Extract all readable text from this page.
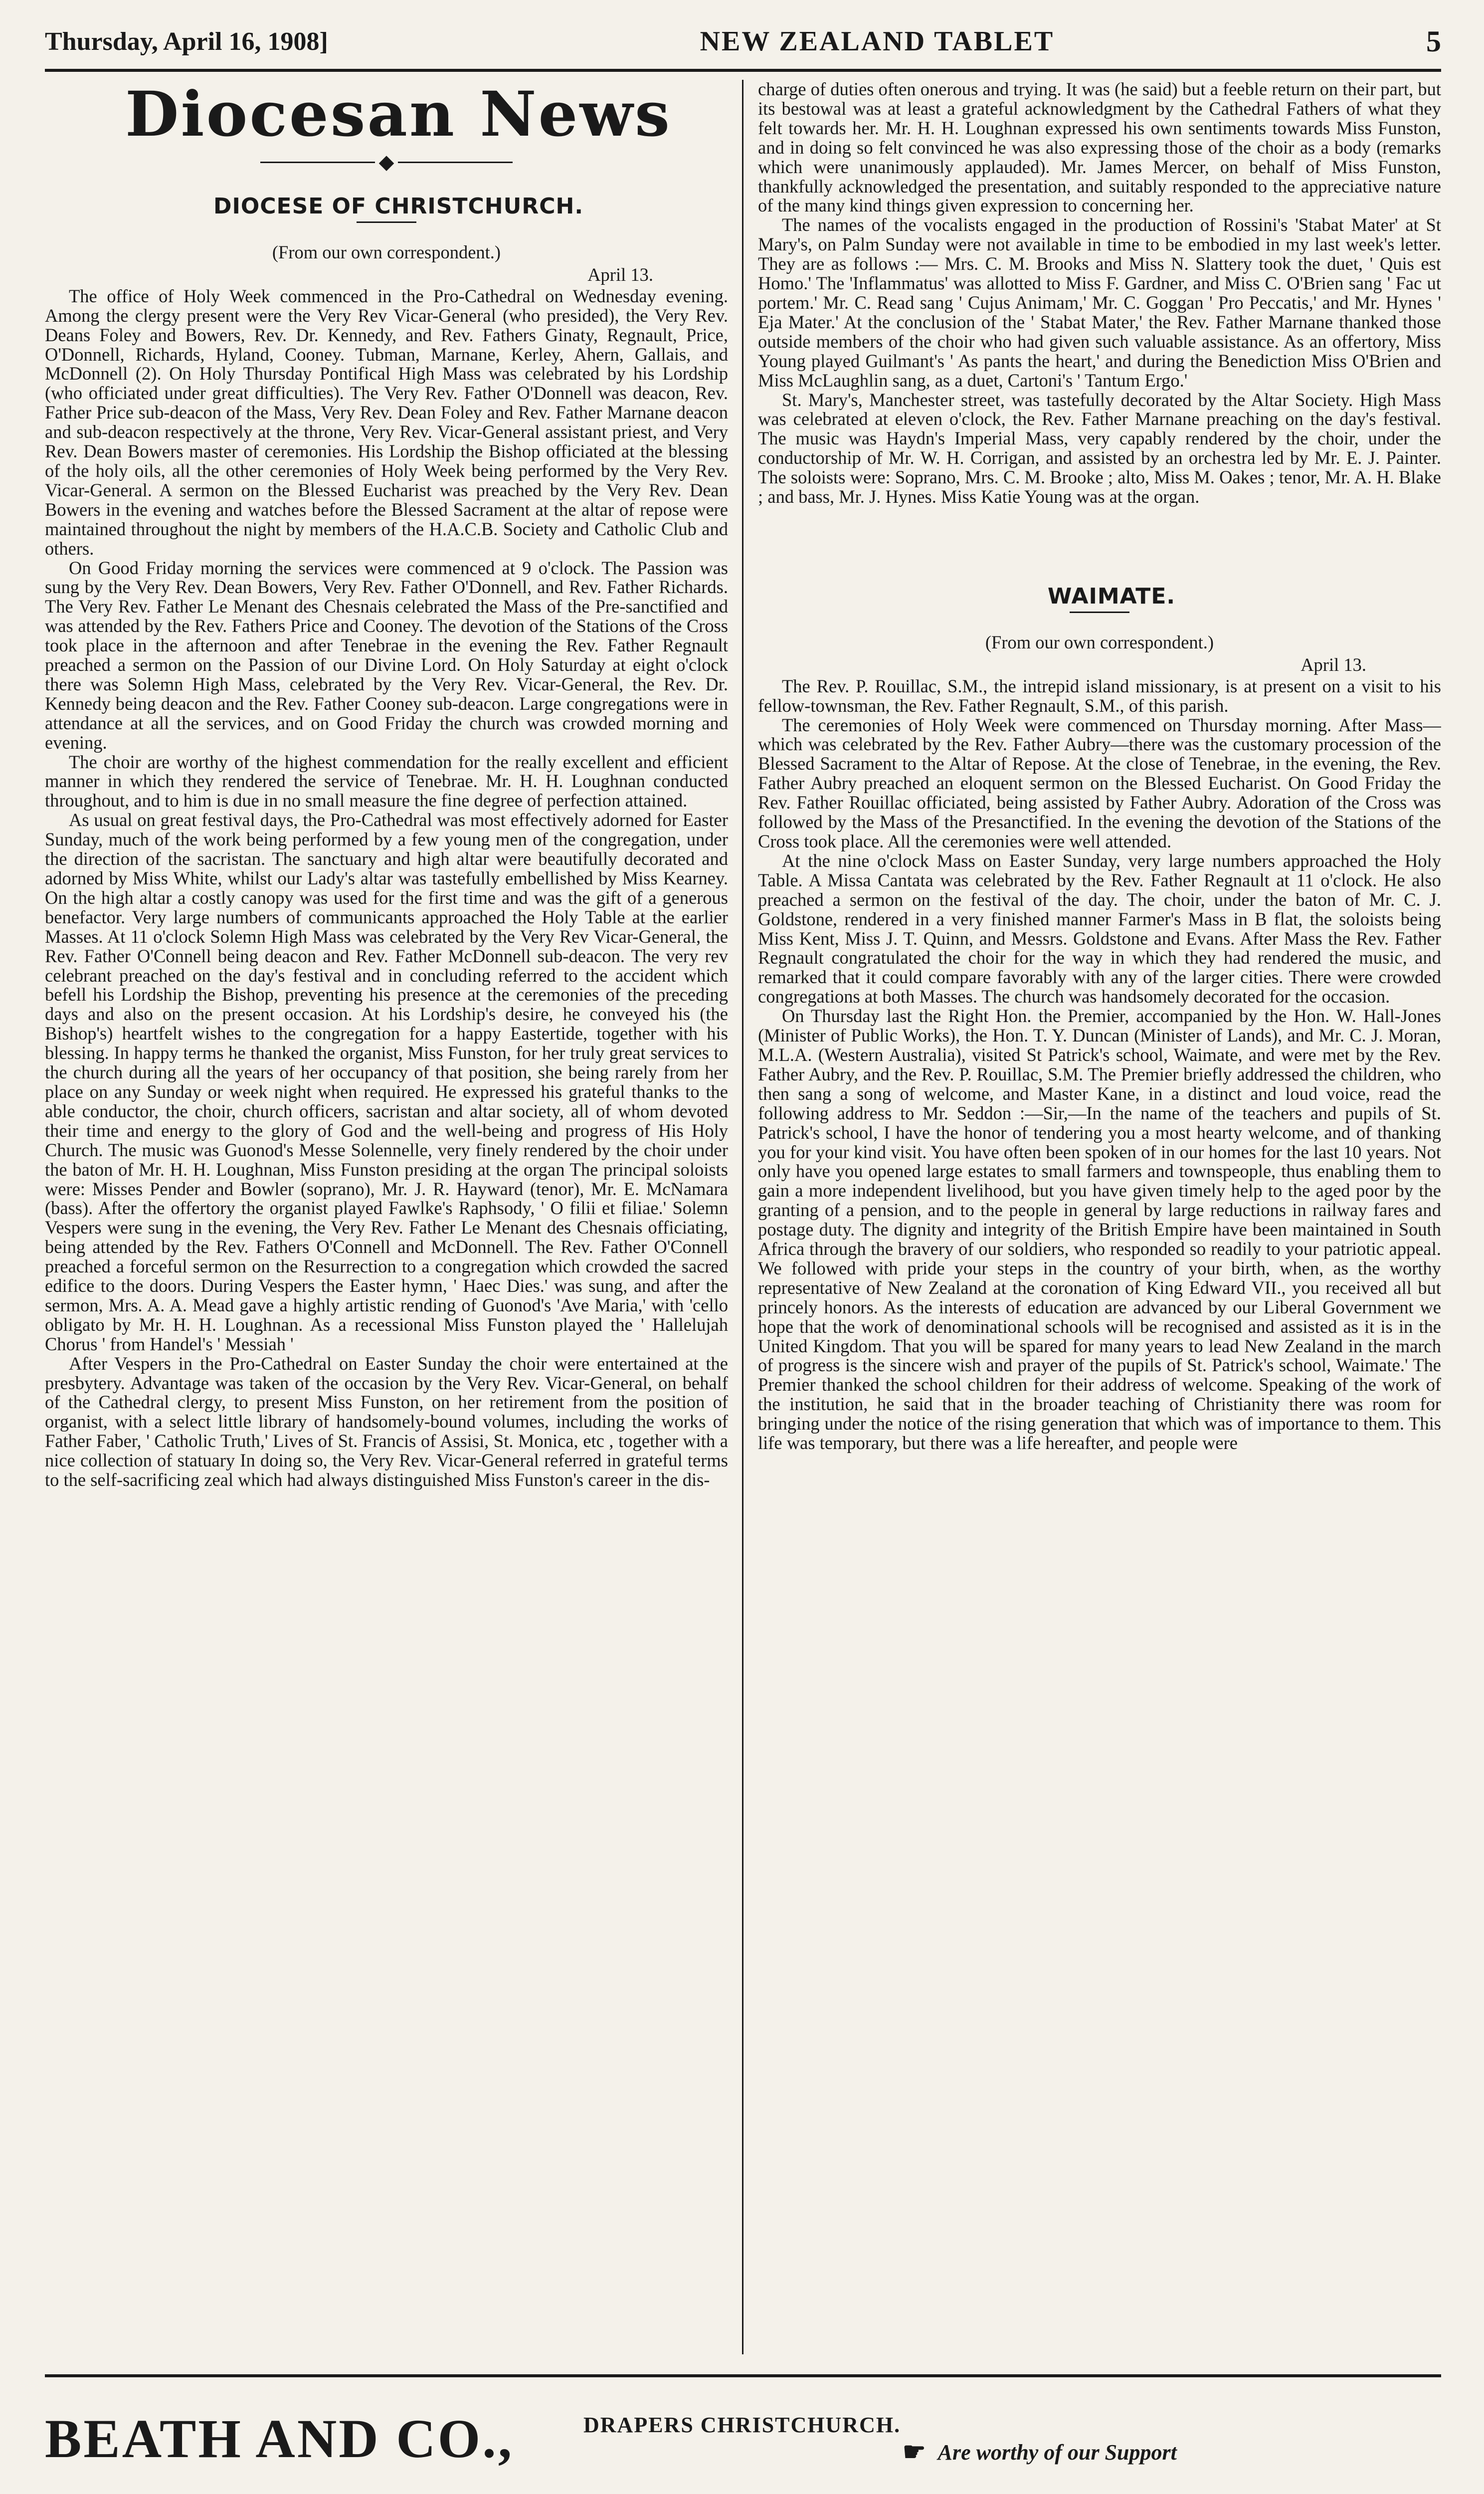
Thursday, April 16, 1908]	NEW ZEALAND TABLET	5

Diocesan News

◆

DIOCESE OF CHRISTCHURCH.

(From our own correspondent.)

April 13.

The office of Holy Week commenced in the Pro-Cathedral on Wednesday evening. Among the clergy present were the Very Rev Vicar-General (who presided), the Very Rev. Deans Foley and Bowers, Rev. Dr. Kennedy, and Rev. Fathers Ginaty, Regnault, Price, O'Donnell, Richards, Hyland, Cooney. Tubman, Marnane, Kerley, Ahern, Gallais, and McDonnell (2). On Holy Thursday Pontifical High Mass was celebrated by his Lordship (who officiated under great difficulties). The Very Rev. Father O'Donnell was deacon, Rev. Father Price sub-deacon of the Mass, Very Rev. Dean Foley and Rev. Father Marnane deacon and sub-deacon respectively at the throne, Very Rev. Vicar-General assistant priest, and Very Rev. Dean Bowers master of ceremonies. His Lordship the Bishop officiated at the blessing of the holy oils, all the other ceremonies of Holy Week being performed by the Very Rev. Vicar-General. A sermon on the Blessed Eucharist was preached by the Very Rev. Dean Bowers in the evening and watches before the Blessed Sacrament at the altar of repose were maintained throughout the night by members of the H.A.C.B. Society and Catholic Club and others.

On Good Friday morning the services were commenced at 9 o'clock. The Passion was sung by the Very Rev. Dean Bowers, Very Rev. Father O'Donnell, and Rev. Father Richards. The Very Rev. Father Le Menant des Chesnais celebrated the Mass of the Pre-sanctified and was attended by the Rev. Fathers Price and Cooney. The devotion of the Stations of the Cross took place in the afternoon and after Tenebrae in the evening the Rev. Father Regnault preached a sermon on the Passion of our Divine Lord. On Holy Saturday at eight o'clock there was Solemn High Mass, celebrated by the Very Rev. Vicar-General, the Rev. Dr. Kennedy being deacon and the Rev. Father Cooney sub-deacon. Large congregations were in attendance at all the services, and on Good Friday the church was crowded morning and evening.

The choir are worthy of the highest commendation for the really excellent and efficient manner in which they rendered the service of Tenebrae. Mr. H. H. Loughnan conducted throughout, and to him is due in no small measure the fine degree of perfection attained.

As usual on great festival days, the Pro-Cathedral was most effectively adorned for Easter Sunday, much of the work being performed by a few young men of the congregation, under the direction of the sacristan. The sanctuary and high altar were beautifully decorated and adorned by Miss White, whilst our Lady's altar was tastefully embellished by Miss Kearney. On the high altar a costly canopy was used for the first time and was the gift of a generous benefactor. Very large numbers of communicants approached the Holy Table at the earlier Masses. At 11 o'clock Solemn High Mass was celebrated by the Very Rev Vicar-General, the Rev. Father O'Connell being deacon and Rev. Father McDonnell sub-deacon. The very rev celebrant preached on the day's festival and in concluding referred to the accident which befell his Lordship the Bishop, preventing his presence at the ceremonies of the preceding days and also on the present occasion. At his Lordship's desire, he conveyed his (the Bishop's) heartfelt wishes to the congregation for a happy Eastertide, together with his blessing. In happy terms he thanked the organist, Miss Funston, for her truly great services to the church during all the years of her occupancy of that position, she being rarely from her place on any Sunday or week night when required. He expressed his grateful thanks to the able conductor, the choir, church officers, sacristan and altar society, all of whom devoted their time and energy to the glory of God and the well-being and progress of His Holy Church. The music was Guonod's Messe Solennelle, very finely rendered by the choir under the baton of Mr. H. H. Loughnan, Miss Funston presiding at the organ The principal soloists were: Misses Pender and Bowler (soprano), Mr. J. R. Hayward (tenor), Mr. E. McNamara (bass). After the offertory the organist played Fawlke's Raphsody, ' O filii et filiae.' Solemn Vespers were sung in the evening, the Very Rev. Father Le Menant des Chesnais officiating, being attended by the Rev. Fathers O'Connell and McDonnell. The Rev. Father O'Connell preached a forceful sermon on the Resurrection to a congregation which crowded the sacred edifice to the doors. During Vespers the Easter hymn, ' Haec Dies.' was sung, and after the sermon, Mrs. A. A. Mead gave a highly artistic rending of Guonod's 'Ave Maria,' with 'cello obligato by Mr. H. H. Loughnan. As a recessional Miss Funston played the ' Hallelujah Chorus ' from Handel's ' Messiah '

After Vespers in the Pro-Cathedral on Easter Sunday the choir were entertained at the presbytery. Advantage was taken of the occasion by the Very Rev. Vicar-General, on behalf of the Cathedral clergy, to present Miss Funston, on her retirement from the position of organist, with a select little library of handsomely-bound volumes, including the works of Father Faber, ' Catholic Truth,' Lives of St. Francis of Assisi, St. Monica, etc , together with a nice collection of statuary In doing so, the Very Rev. Vicar-General referred in grateful terms to the self-sacrificing zeal which had always distinguished Miss Funston's career in the dis-

charge of duties often onerous and trying. It was (he said) but a feeble return on their part, but its bestowal was at least a grateful acknowledgment by the Cathedral Fathers of what they felt towards her. Mr. H. H. Loughnan expressed his own sentiments towards Miss Funston, and in doing so felt convinced he was also expressing those of the choir as a body (remarks which were unanimously applauded). Mr. James Mercer, on behalf of Miss Funston, thankfully acknowledged the presentation, and suitably responded to the appreciative nature of the many kind things given expression to concerning her.

The names of the vocalists engaged in the production of Rossini's 'Stabat Mater' at St Mary's, on Palm Sunday were not available in time to be embodied in my last week's letter. They are as follows :— Mrs. C. M. Brooks and Miss N. Slattery took the duet, ' Quis est Homo.' The 'Inflammatus' was allotted to Miss F. Gardner, and Miss C. O'Brien sang ' Fac ut portem.' Mr. C. Read sang ' Cujus Animam,' Mr. C. Goggan ' Pro Peccatis,' and Mr. Hynes ' Eja Mater.' At the conclusion of the ' Stabat Mater,' the Rev. Father Marnane thanked those outside members of the choir who had given such valuable assistance. As an offertory, Miss Young played Guilmant's ' As pants the heart,' and during the Benediction Miss O'Brien and Miss McLaughlin sang, as a duet, Cartoni's ' Tantum Ergo.'

St. Mary's, Manchester street, was tastefully decorated by the Altar Society. High Mass was celebrated at eleven o'clock, the Rev. Father Marnane preaching on the day's festival. The music was Haydn's Imperial Mass, very capably rendered by the choir, under the conductorship of Mr. W. H. Corrigan, and assisted by an orchestra led by Mr. E. J. Painter. The soloists were: Soprano, Mrs. C. M. Brooke ; alto, Miss M. Oakes ; tenor, Mr. A. H. Blake ; and bass, Mr. J. Hynes. Miss Katie Young was at the organ.

WAIMATE.

(From our own correspondent.)

April 13.

The Rev. P. Rouillac, S.M., the intrepid island missionary, is at present on a visit to his fellow-townsman, the Rev. Father Regnault, S.M., of this parish.

The ceremonies of Holy Week were commenced on Thursday morning. After Mass—which was celebrated by the Rev. Father Aubry—there was the customary procession of the Blessed Sacrament to the Altar of Repose. At the close of Tenebrae, in the evening, the Rev. Father Aubry preached an eloquent sermon on the Blessed Eucharist. On Good Friday the Rev. Father Rouillac officiated, being assisted by Father Aubry. Adoration of the Cross was followed by the Mass of the Presanctified. In the evening the devotion of the Stations of the Cross took place. All the ceremonies were well attended.

At the nine o'clock Mass on Easter Sunday, very large numbers approached the Holy Table. A Missa Cantata was celebrated by the Rev. Father Regnault at 11 o'clock. He also preached a sermon on the festival of the day. The choir, under the baton of Mr. C. J. Goldstone, rendered in a very finished manner Farmer's Mass in B flat, the soloists being Miss Kent, Miss J. T. Quinn, and Messrs. Goldstone and Evans. After Mass the Rev. Father Regnault congratulated the choir for the way in which they had rendered the music, and remarked that it could compare favorably with any of the larger cities. There were crowded congregations at both Masses. The church was handsomely decorated for the occasion.

On Thursday last the Right Hon. the Premier, accompanied by the Hon. W. Hall-Jones (Minister of Public Works), the Hon. T. Y. Duncan (Minister of Lands), and Mr. C. J. Moran, M.L.A. (Western Australia), visited St Patrick's school, Waimate, and were met by the Rev. Father Aubry, and the Rev. P. Rouillac, S.M. The Premier briefly addressed the children, who then sang a song of welcome, and Master Kane, in a distinct and loud voice, read the following address to Mr. Seddon :—Sir,—In the name of the teachers and pupils of St. Patrick's school, I have the honor of tendering you a most hearty welcome, and of thanking you for your kind visit. You have often been spoken of in our homes for the last 10 years. Not only have you opened large estates to small farmers and townspeople, thus enabling them to gain a more independent livelihood, but you have given timely help to the aged poor by the granting of a pension, and to the people in general by large reductions in railway fares and postage duty. The dignity and integrity of the British Empire have been maintained in South Africa through the bravery of our soldiers, who responded so readily to your patriotic appeal. We followed with pride your steps in the country of your birth, when, as the worthy representative of New Zealand at the coronation of King Edward VII., you received all but princely honors. As the interests of education are advanced by our Liberal Government we hope that the work of denominational schools will be recognised and assisted as it is in the United Kingdom. That you will be spared for many years to lead New Zealand in the march of progress is the sincere wish and prayer of the pupils of St. Patrick's school, Waimate.' The Premier thanked the school children for their address of welcome. Speaking of the work of the institution, he said that in the broader teaching of Christianity there was room for bringing under the notice of the rising generation that which was of importance to them. This life was temporary, but there was a life hereafter, and people were

BEATH AND CO.,	DRAPERS CHRISTCHURCH.
☛ Are worthy of our Support
